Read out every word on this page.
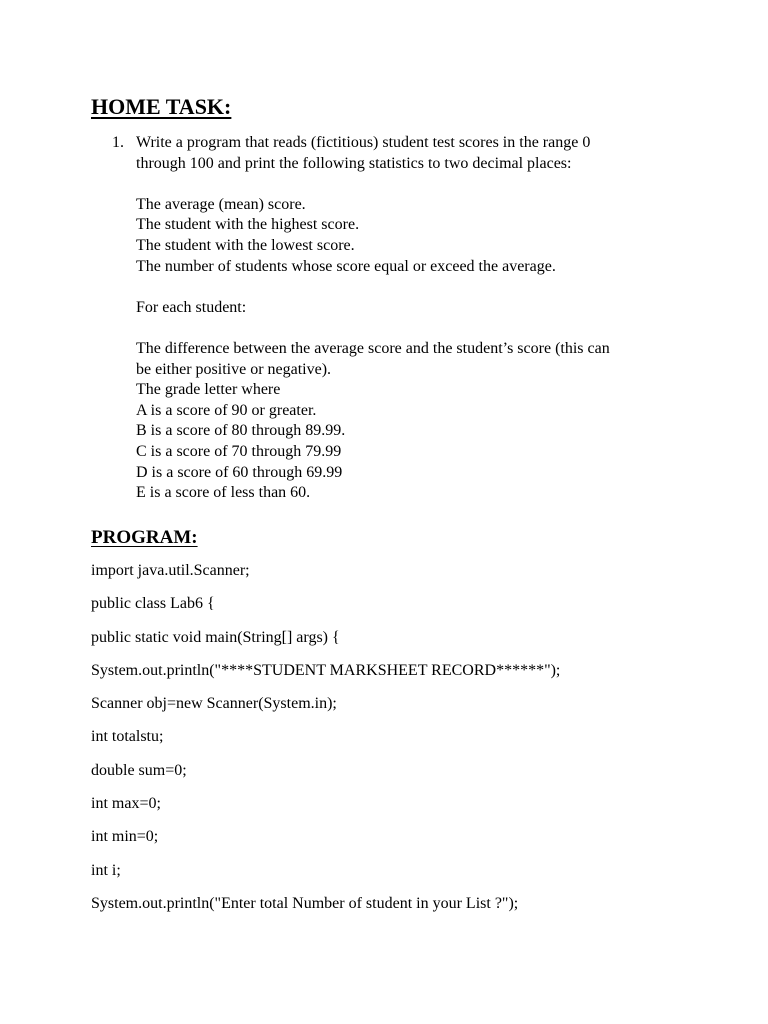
HOME TASK:
1. Write a program that reads (fictitious) student test scores in the range 0
through 100 and print the following statistics to two decimal places:
The average (mean) score.
The student with the highest score.
The student with the lowest score.
The number of students whose score equal or exceed the average.
For each student:
The difference between the average score and the student’s score (this can
be either positive or negative).
The grade letter where
A is a score of 90 or greater.
B is a score of 80 through 89.99.
C is a score of 70 through 79.99
D is a score of 60 through 69.99
E is a score of less than 60.
PROGRAM:
import java.util.Scanner;
public class Lab6 {
public static void main(String[] args) {
System.out.println("****STUDENT MARKSHEET RECORD******");
Scanner obj=new Scanner(System.in);
int totalstu;
double sum=0;
int max=0;
int min=0;
int i;
System.out.println("Enter total Number of student in your List ?");
